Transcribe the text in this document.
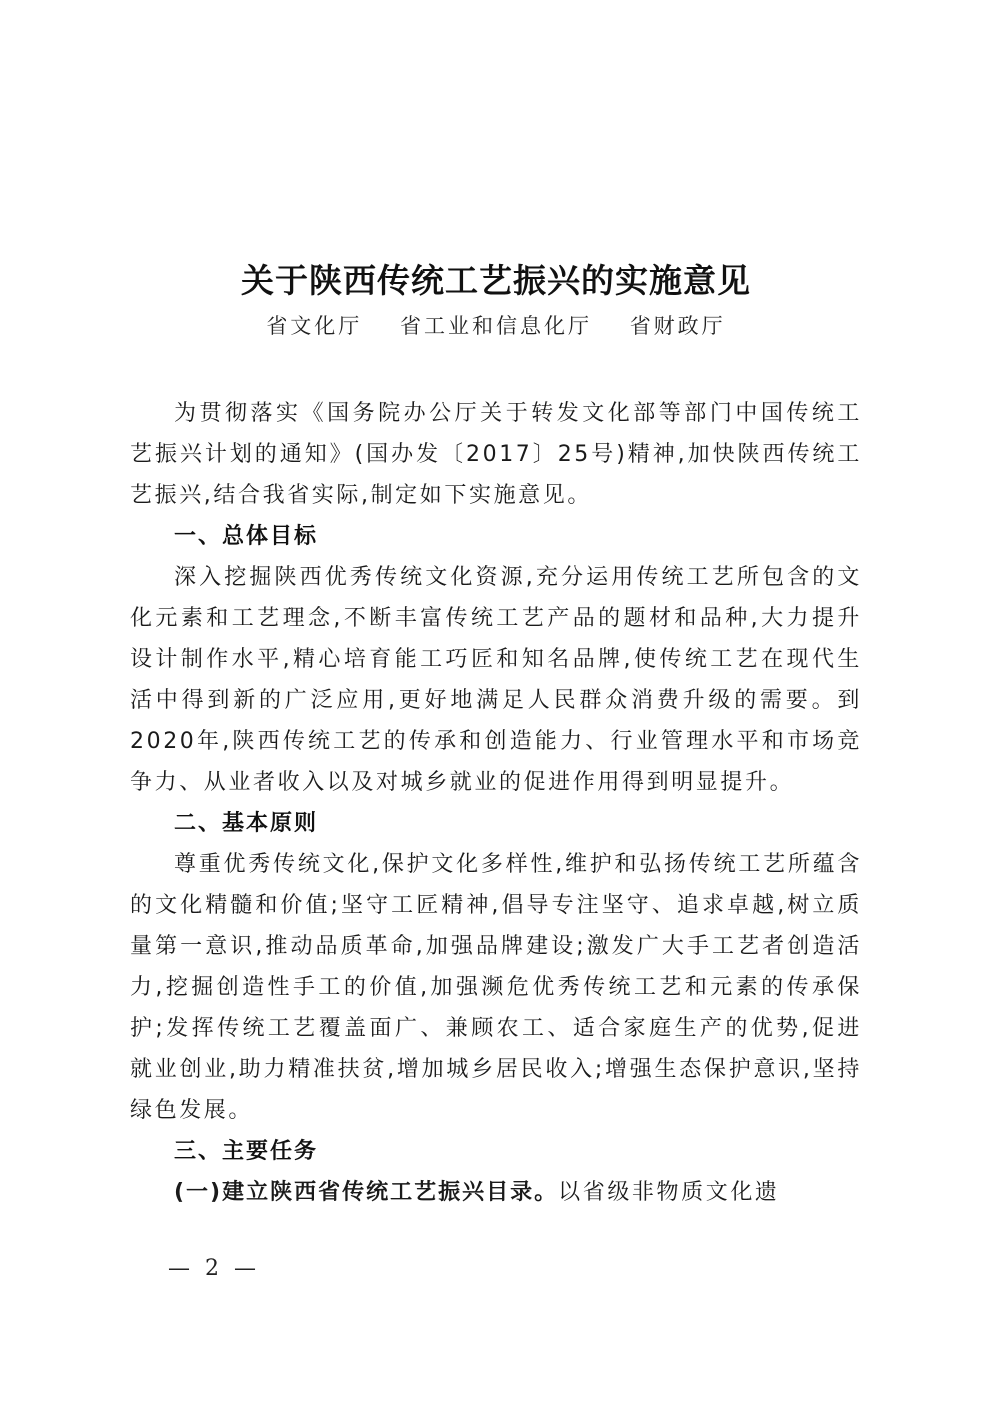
关于陕西传统工艺振兴的实施意见
省文化厅 省工业和信息化厅 省财政厅

为贯彻落实《国务院办公厅关于转发文化部等部门中国传统工艺振兴计划的通知》(国办发〔2017〕25号)精神,加快陕西传统工艺振兴,结合我省实际,制定如下实施意见。

一、总体目标

深入挖掘陕西优秀传统文化资源,充分运用传统工艺所包含的文化元素和工艺理念,不断丰富传统工艺产品的题材和品种,大力提升设计制作水平,精心培育能工巧匠和知名品牌,使传统工艺在现代生活中得到新的广泛应用,更好地满足人民群众消费升级的需要。到2020年,陕西传统工艺的传承和创造能力、行业管理水平和市场竞争力、从业者收入以及对城乡就业的促进作用得到明显提升。

二、基本原则

尊重优秀传统文化,保护文化多样性,维护和弘扬传统工艺所蕴含的文化精髓和价值;坚守工匠精神,倡导专注坚守、追求卓越,树立质量第一意识,推动品质革命,加强品牌建设;激发广大手工艺者创造活力,挖掘创造性手工的价值,加强濒危优秀传统工艺和元素的传承保护;发挥传统工艺覆盖面广、兼顾农工、适合家庭生产的优势,促进就业创业,助力精准扶贫,增加城乡居民收入;增强生态保护意识,坚持绿色发展。

三、主要任务

(一)建立陕西省传统工艺振兴目录。以省级非物质文化遗

— 2 —
